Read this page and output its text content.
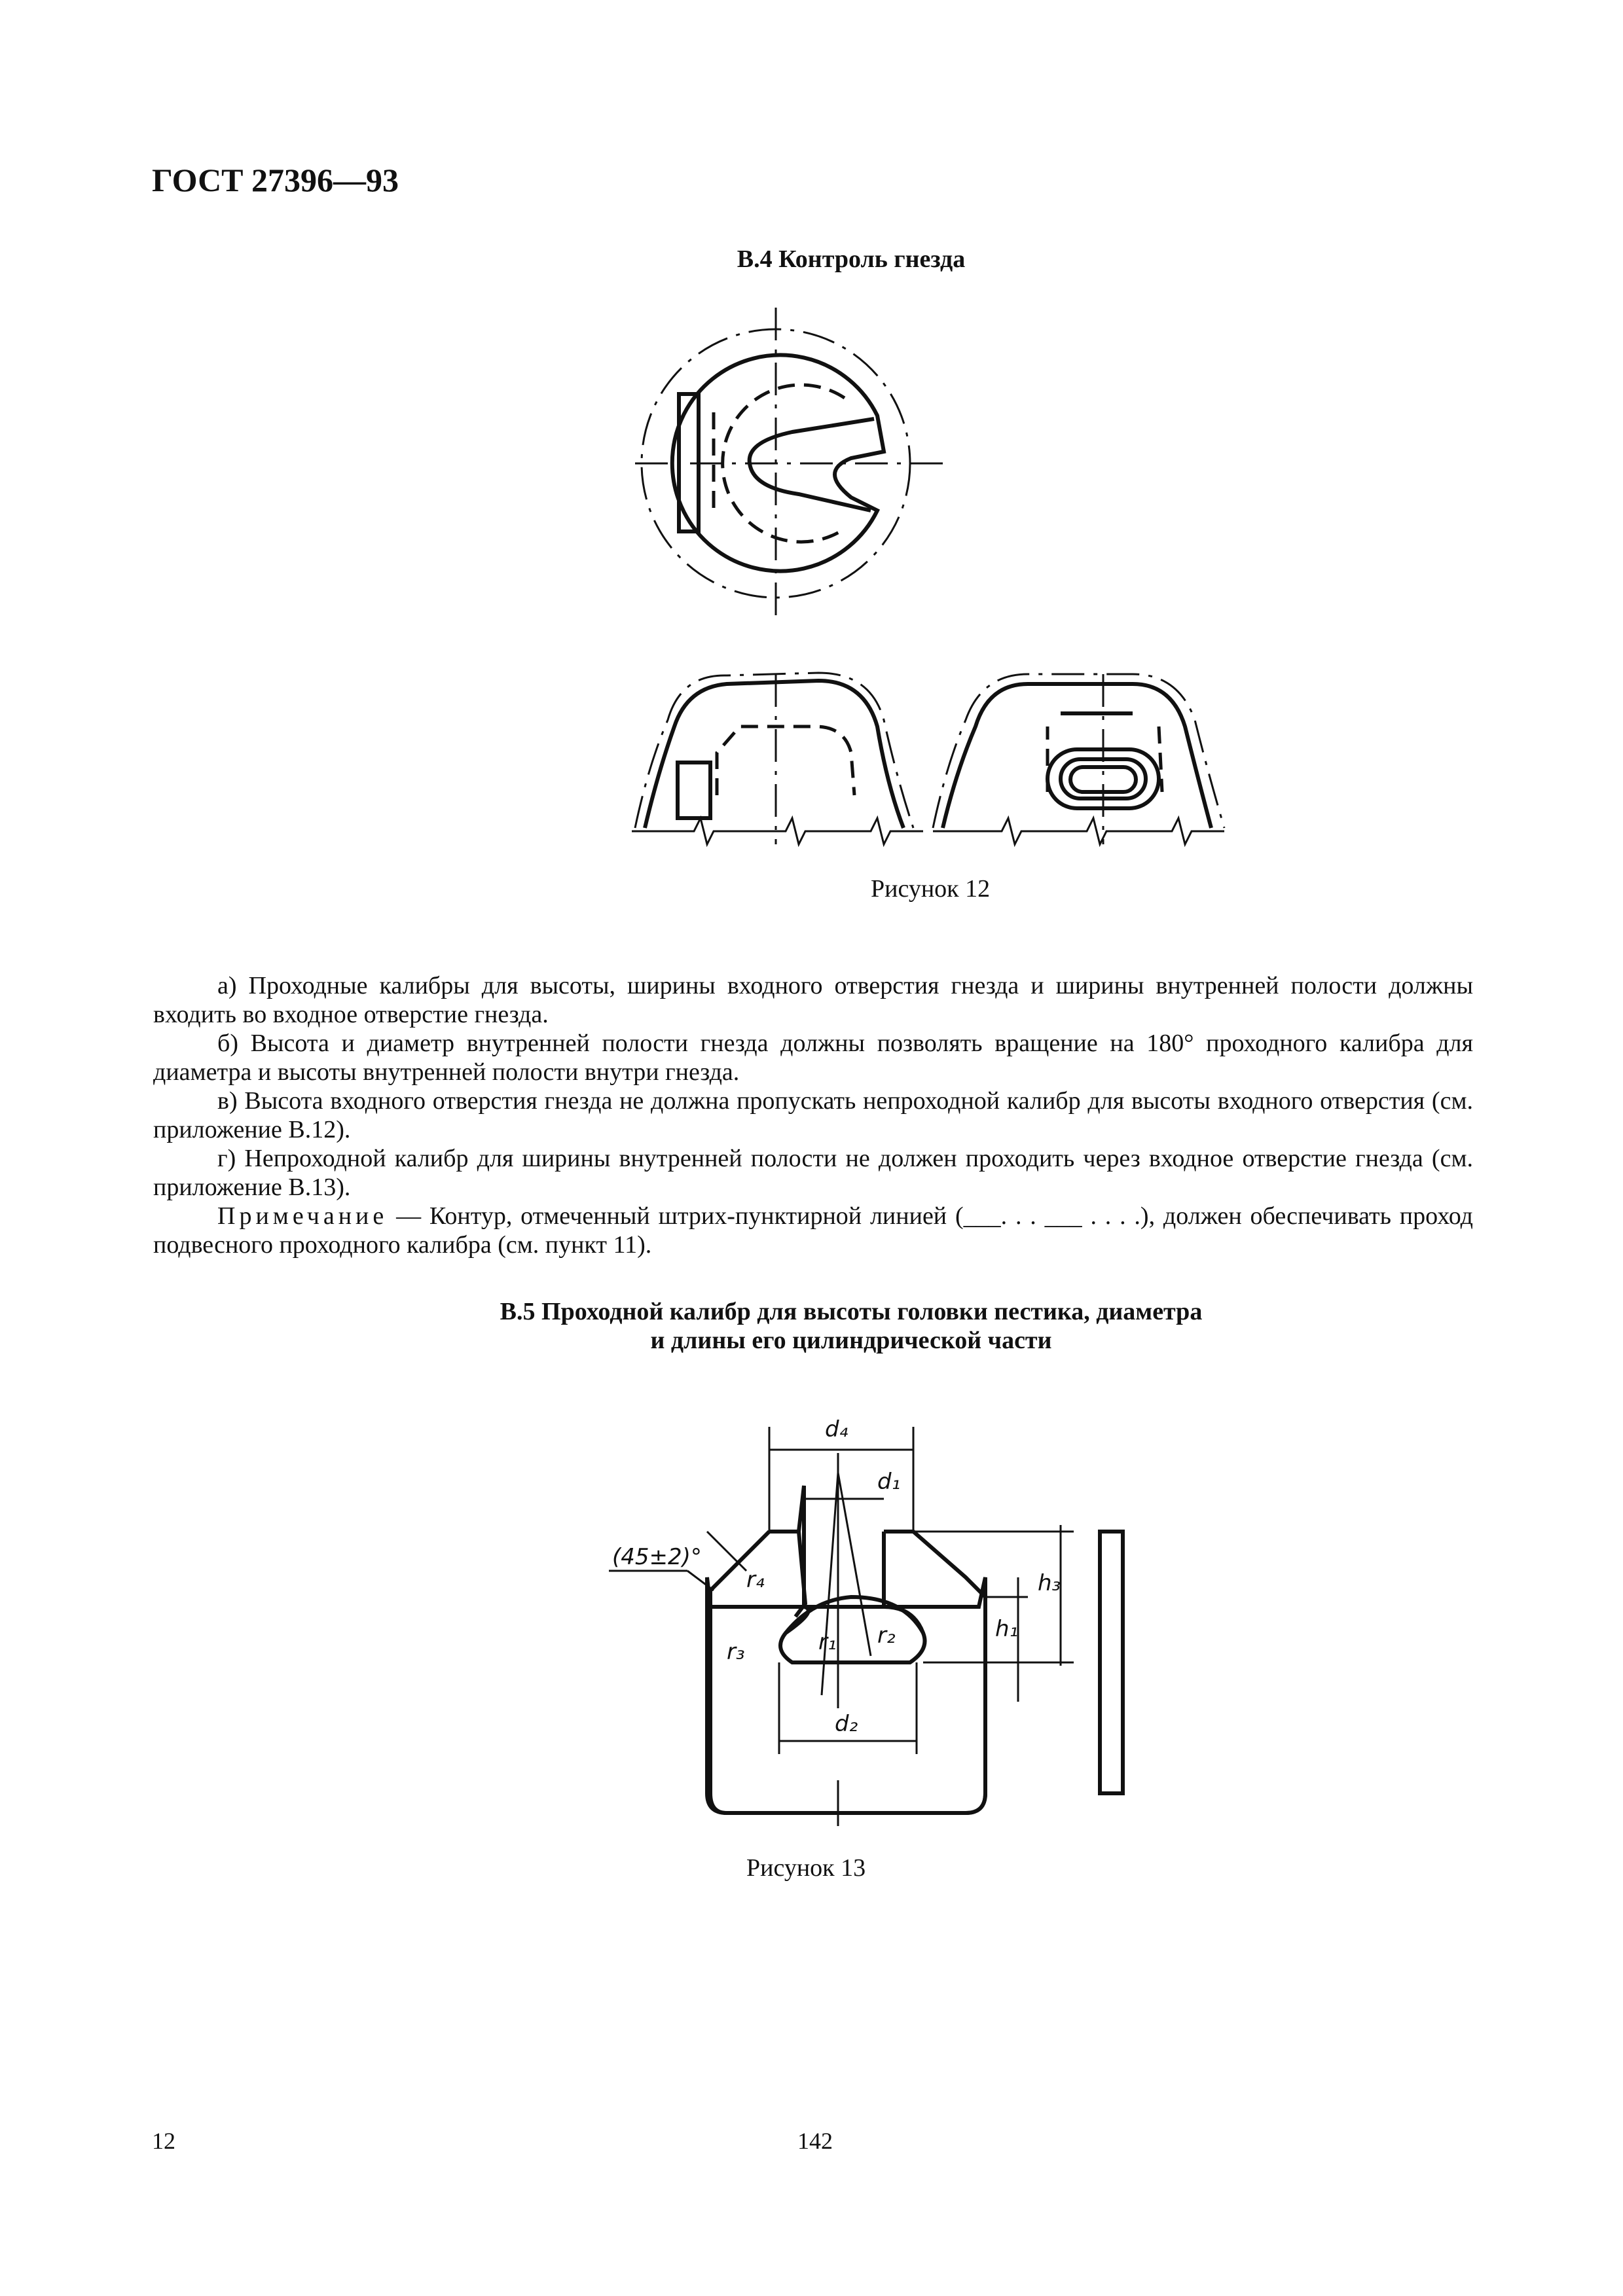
ГОСТ 27396—93
В.4 Контроль гнезда
Рисунок 12

а) Проходные калибры для высоты, ширины входного отверстия гнезда и ширины внутренней полости должны входить во входное отверстие гнезда.

б) Высота и диаметр внутренней полости гнезда должны позволять вращение на 180° проходного калибра для диаметра и высоты внутренней полости внутри гнезда.

в) Высота входного отверстия гнезда не должна пропускать непроходной калибр для высоты входного отверстия (см. приложение В.12).

г) Непроходной калибр для ширины внутренней полости не должен проходить через входное отверстие гнезда (см. приложение В.13).

Примечание — Контур, отмеченный штрих-пунктирной линией (___. . . ___ . . . .), должен обеспечивать проход подвесного проходного калибра (см. пункт 11).

В.5 Проходной калибр для высоты головки пестика, диаметра
и длины его цилиндрической части
d₄
d₁
d₂
(45±2)°
r₄
r₃	r₁ r₂	h₁
h₃
Рисунок 13
12	142
